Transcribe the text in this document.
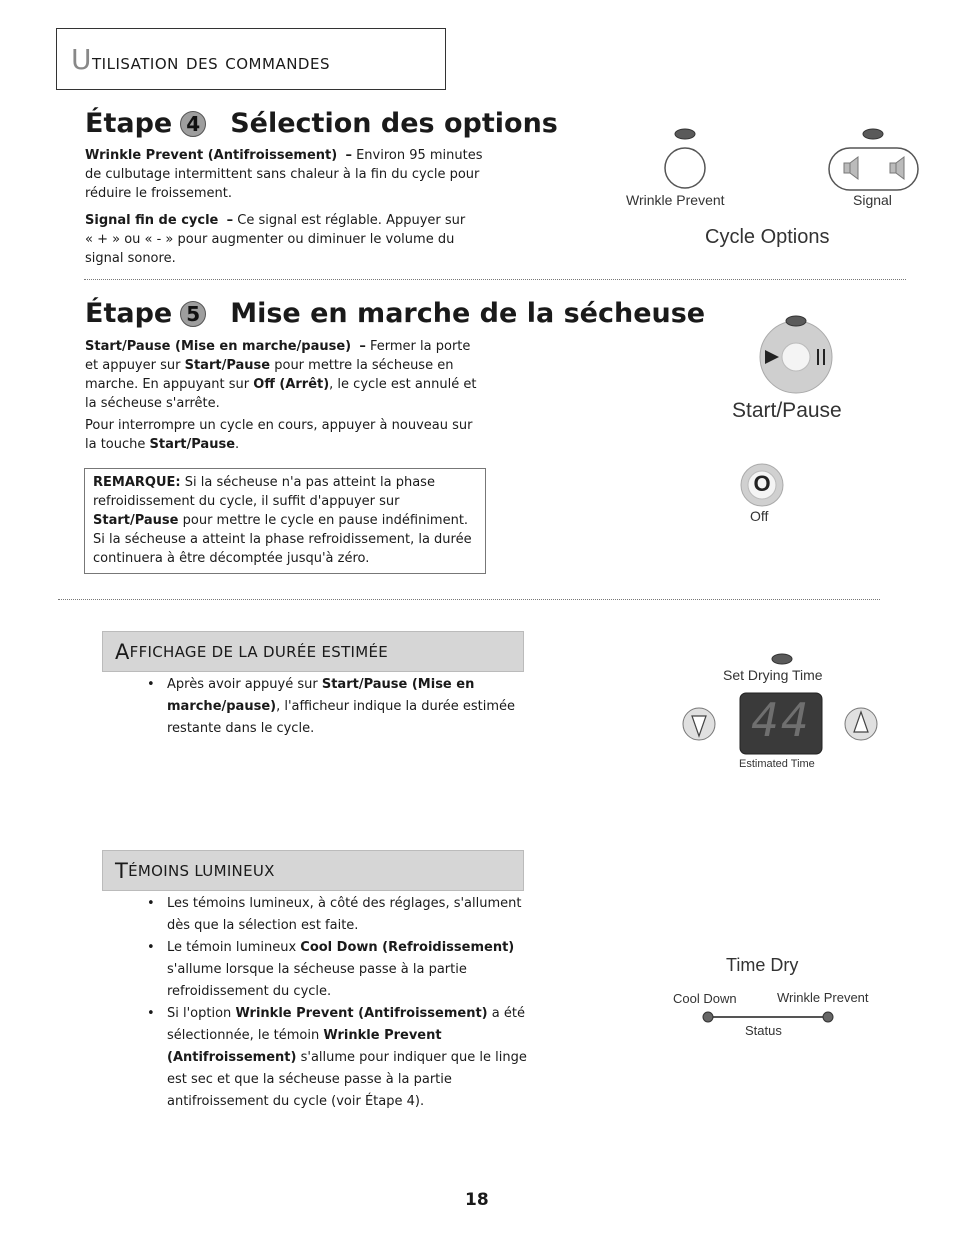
Utilisation des commandes
Étape 4 Sélection des options
Wrinkle Prevent (Antifroissement) – Environ 95 minutes de culbutage intermittent sans chaleur à la fin du cycle pour réduire le froissement.
Signal fin de cycle – Ce signal est réglable. Appuyer sur « + » ou « - » pour augmenter ou diminuer le volume du signal sonore.
Wrinkle Prevent	Signal
Cycle Options
Étape 5 Mise en marche de la sécheuse
Start/Pause (Mise en marche/pause) – Fermer la porte et appuyer sur Start/Pause pour mettre la sécheuse en marche. En appuyant sur Off (Arrêt), le cycle est annulé et la sécheuse s'arrête.
Pour interrompre un cycle en cours, appuyer à nouveau sur la touche Start/Pause.
REMARQUE: Si la sécheuse n'a pas atteint la phase refroidissement du cycle, il suffit d'appuyer sur Start/Pause pour mettre le cycle en pause indéfiniment. Si la sécheuse a atteint la phase refroidissement, la durée continuera à être décomptée jusqu'à zéro.
Start/Pause
O
Off
A FFICHAGE DE LA DURÉE ESTIMÉE
• Après avoir appuyé sur Start/Pause (Mise en marche/pause), l'afficheur indique la durée estimée restante dans le cycle.
Set Drying Time
44
Estimated Time
T ÉMOINS LUMINEUX
• Les témoins lumineux, à côté des réglages, s'allument dès que la sélection est faite.
• Le témoin lumineux Cool Down (Refroidissement) s'allume lorsque la sécheuse passe à la partie refroidissement du cycle.
• Si l'option Wrinkle Prevent (Antifroissement) a été sélectionnée, le témoin Wrinkle Prevent (Antifroissement) s'allume pour indiquer que le linge est sec et que la sécheuse passe à la partie antifroissement du cycle (voir Étape 4).
Time Dry
Cool Down	Wrinkle Prevent
Status
18
